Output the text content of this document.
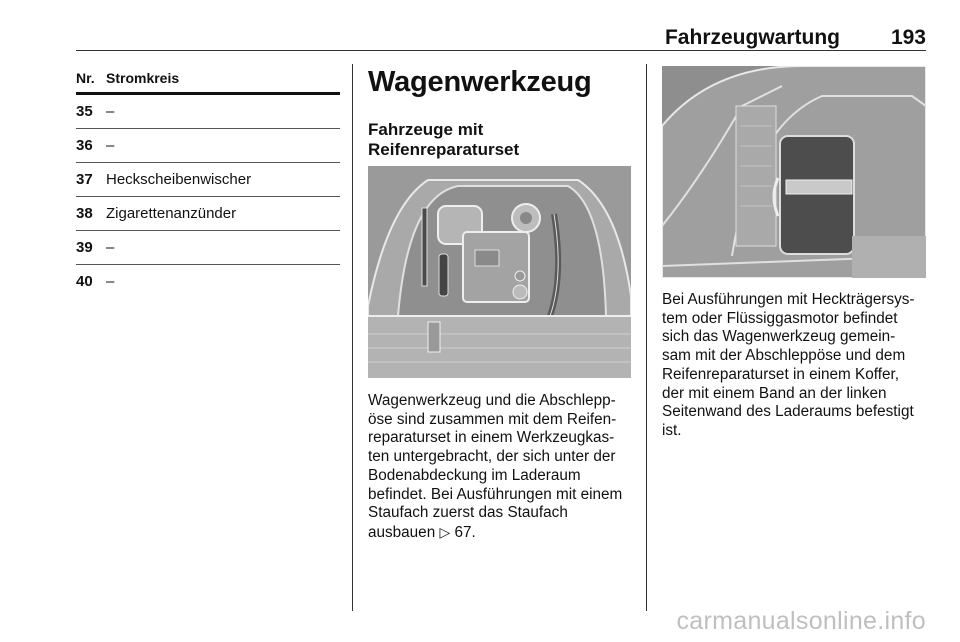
Fahrzeugwartung 193
Nr. Stromkreis
35 –
36 –
37 Heckscheibenwischer
38 Zigarettenanzünder
39 –
40 –
Wagenwerkzeug
Fahrzeuge mit
Reifenreparaturset
Wagenwerkzeug und die Abschlepp-
öse sind zusammen mit dem Reifen-
reparaturset in einem Werkzeugkas-
ten untergebracht, der sich unter der
Bodenabdeckung im Laderaum
befindet. Bei Ausführungen mit einem
Staufach zuerst das Staufach
ausbauen ▷ 67.
Bei Ausführungen mit Heckträgersys-
tem oder Flüssiggasmotor befindet
sich das Wagenwerkzeug gemein-
sam mit der Abschleppöse und dem
Reifenreparaturset in einem Koffer,
der mit einem Band an der linken
Seitenwand des Laderaums befestigt
ist.
carmanualsonline.info
